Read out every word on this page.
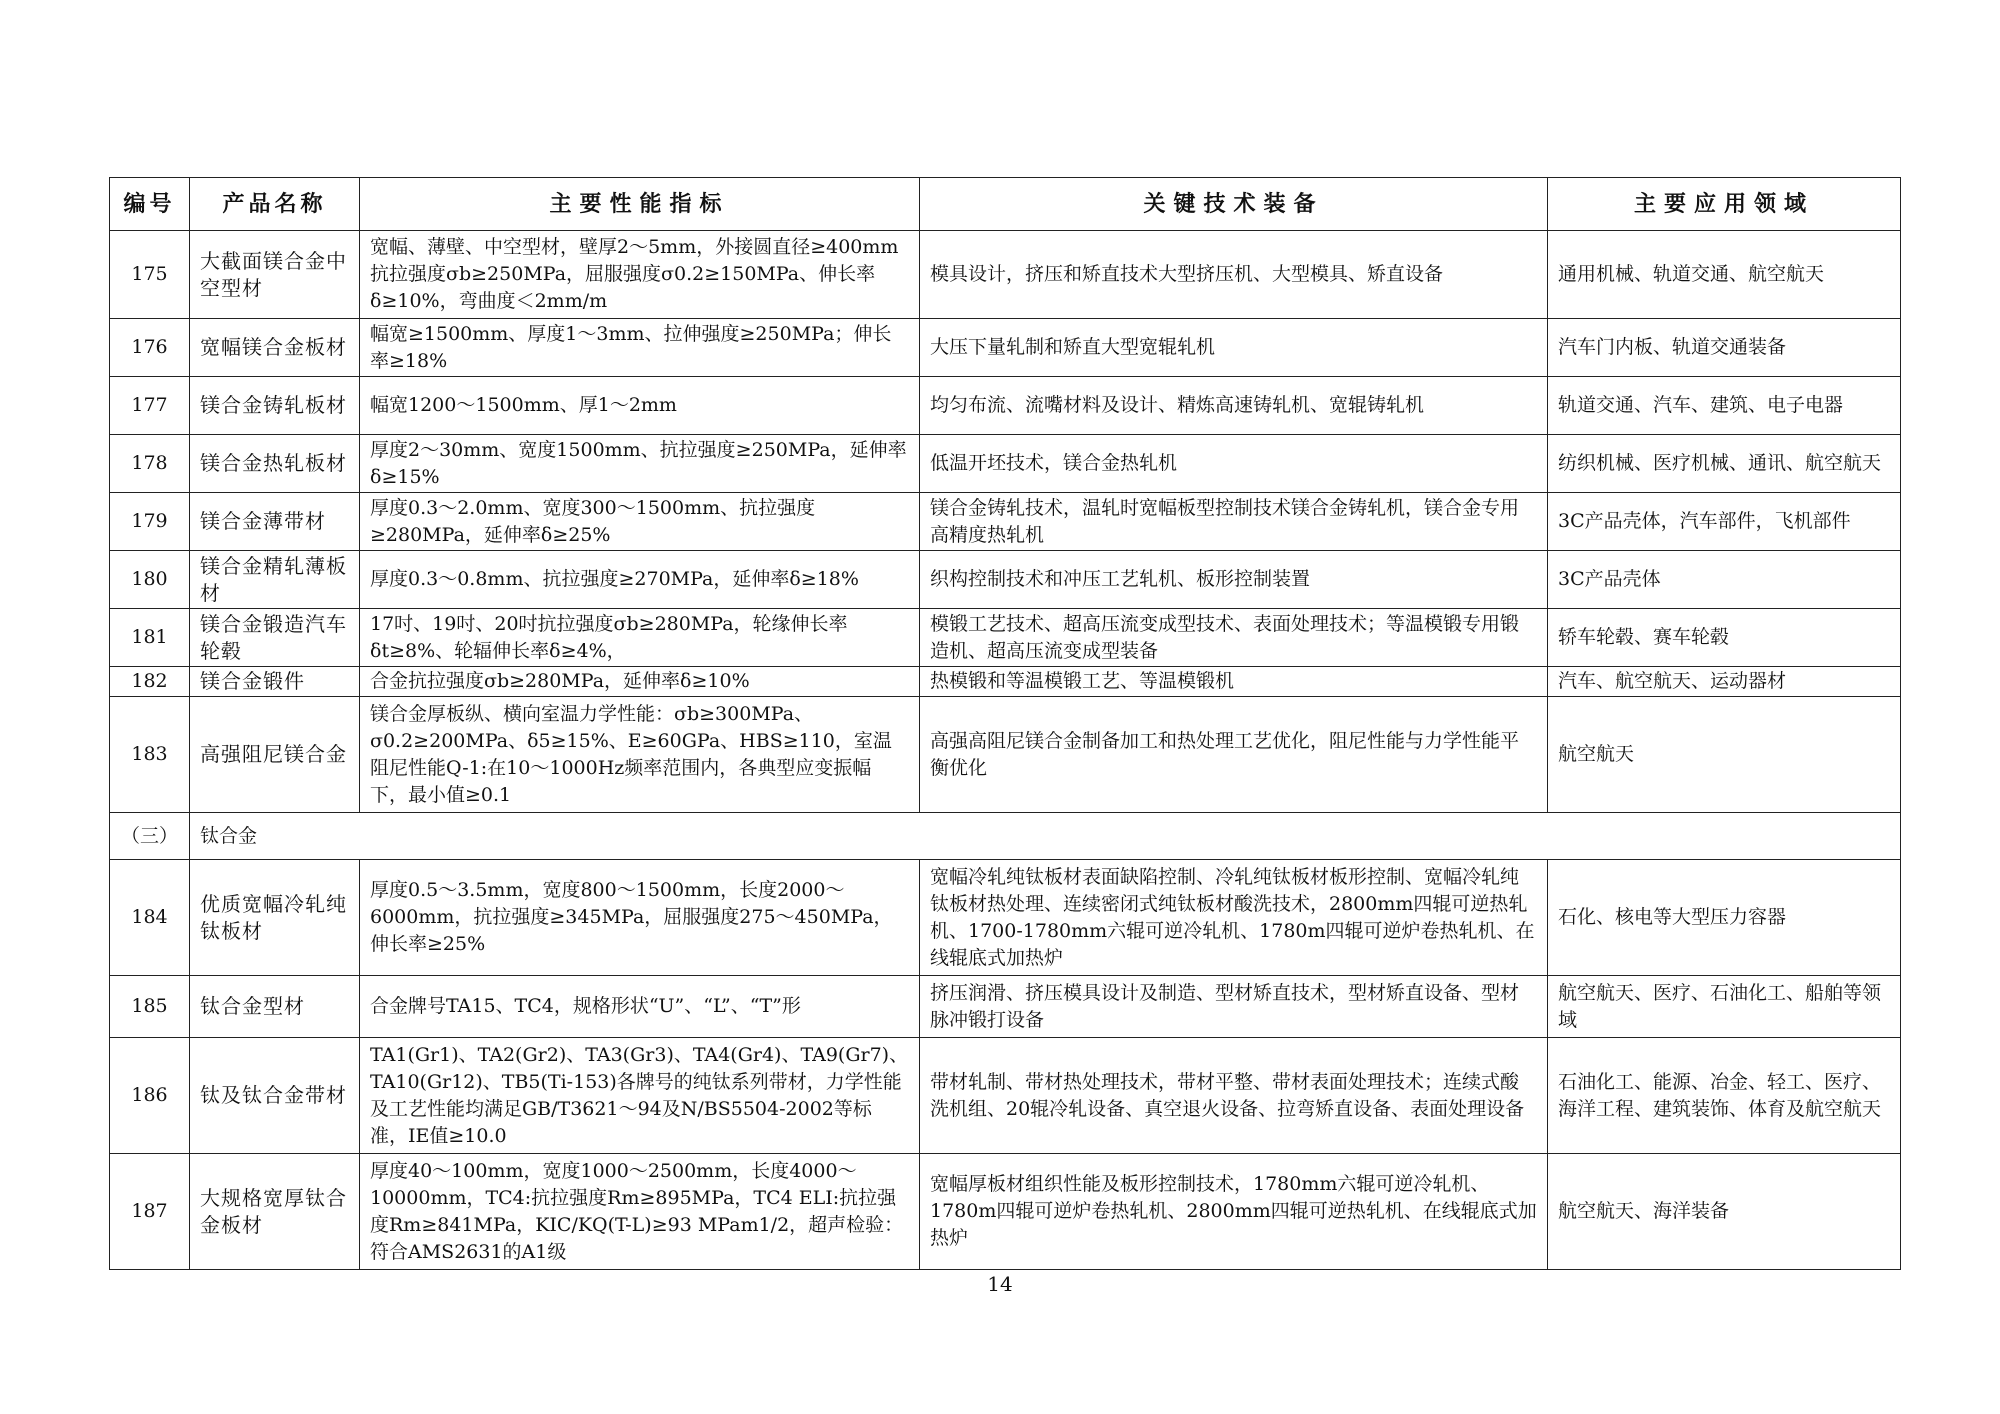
编号	产品名称	主要性能指标	关键技术装备	主要应用领域
175	大截面镁合金中空型材	宽幅、薄壁、中空型材，壁厚2～5mm，外接圆直径≥400mm抗拉强度σb≥250MPa，屈服强度σ0.2≥150MPa、伸长率δ≥10%，弯曲度＜2mm/m	模具设计，挤压和矫直技术大型挤压机、大型模具、矫直设备	通用机械、轨道交通、航空航天
176	宽幅镁合金板材	幅宽≥1500mm、厚度1～3mm、拉伸强度≥250MPa；伸长率≥18%	大压下量轧制和矫直大型宽辊轧机	汽车门内板、轨道交通装备
177	镁合金铸轧板材	幅宽1200～1500mm、厚1～2mm	均匀布流、流嘴材料及设计、精炼高速铸轧机、宽辊铸轧机	轨道交通、汽车、建筑、电子电器
178	镁合金热轧板材	厚度2～30mm、宽度1500mm、抗拉强度≥250MPa，延伸率δ≥15%	低温开坯技术，镁合金热轧机	纺织机械、医疗机械、通讯、航空航天
179	镁合金薄带材	厚度0.3～2.0mm、宽度300～1500mm、抗拉强度≥280MPa，延伸率δ≥25%	镁合金铸轧技术，温轧时宽幅板型控制技术镁合金铸轧机，镁合金专用高精度热轧机	3C产品壳体，汽车部件，飞机部件
180	镁合金精轧薄板材	厚度0.3～0.8mm、抗拉强度≥270MPa，延伸率δ≥18%	织构控制技术和冲压工艺轧机、板形控制装置	3C产品壳体
181	镁合金锻造汽车轮毂	17吋、19吋、20吋抗拉强度σb≥280MPa，轮缘伸长率δt≥8%、轮辐伸长率δ≥4%，	模锻工艺技术、超高压流变成型技术、表面处理技术；等温模锻专用锻造机、超高压流变成型装备	轿车轮毂、赛车轮毂
182	镁合金锻件	合金抗拉强度σb≥280MPa，延伸率δ≥10%	热模锻和等温模锻工艺、等温模锻机	汽车、航空航天、运动器材
183	高强阻尼镁合金	镁合金厚板纵、横向室温力学性能：σb≥300MPa、σ0.2≥200MPa、δ5≥15%、E≥60GPa、HBS≥110，室温阻尼性能Q-1:在10～1000Hz频率范围内，各典型应变振幅下，最小值≥0.1	高强高阻尼镁合金制备加工和热处理工艺优化，阻尼性能与力学性能平衡优化	航空航天
（三）	钛合金			
184	优质宽幅冷轧纯钛板材	厚度0.5～3.5mm，宽度800～1500mm，长度2000～6000mm，抗拉强度≥345MPa，屈服强度275～450MPa，伸长率≥25%	宽幅冷轧纯钛板材表面缺陷控制、冷轧纯钛板材板形控制、宽幅冷轧纯钛板材热处理、连续密闭式纯钛板材酸洗技术，2800mm四辊可逆热轧机、1700-1780mm六辊可逆冷轧机、1780m四辊可逆炉卷热轧机、在线辊底式加热炉	石化、核电等大型压力容器
185	钛合金型材	合金牌号TA15、TC4，规格形状“U”、“L”、“T”形	挤压润滑、挤压模具设计及制造、型材矫直技术，型材矫直设备、型材脉冲锻打设备	航空航天、医疗、石油化工、船舶等领域
186	钛及钛合金带材	TA1(Gr1)、TA2(Gr2)、TA3(Gr3)、TA4(Gr4)、TA9(Gr7)、TA10(Gr12)、TB5(Ti-153)各牌号的纯钛系列带材，力学性能及工艺性能均满足GB/T3621～94及N/BS5504-2002等标准，IE值≥10.0	带材轧制、带材热处理技术，带材平整、带材表面处理技术；连续式酸洗机组、20辊冷轧设备、真空退火设备、拉弯矫直设备、表面处理设备	石油化工、能源、冶金、轻工、医疗、海洋工程、建筑装饰、体育及航空航天
187	大规格宽厚钛合金板材	厚度40～100mm，宽度1000～2500mm，长度4000～10000mm，TC4:抗拉强度Rm≥895MPa，TC4 ELI:抗拉强度Rm≥841MPa，KIC/KQ(T-L)≥93 MPam1/2，超声检验：符合AMS2631的A1级	宽幅厚板材组织性能及板形控制技术，1780mm六辊可逆冷轧机、1780m四辊可逆炉卷热轧机、2800mm四辊可逆热轧机、在线辊底式加热炉	航空航天、海洋装备
14
